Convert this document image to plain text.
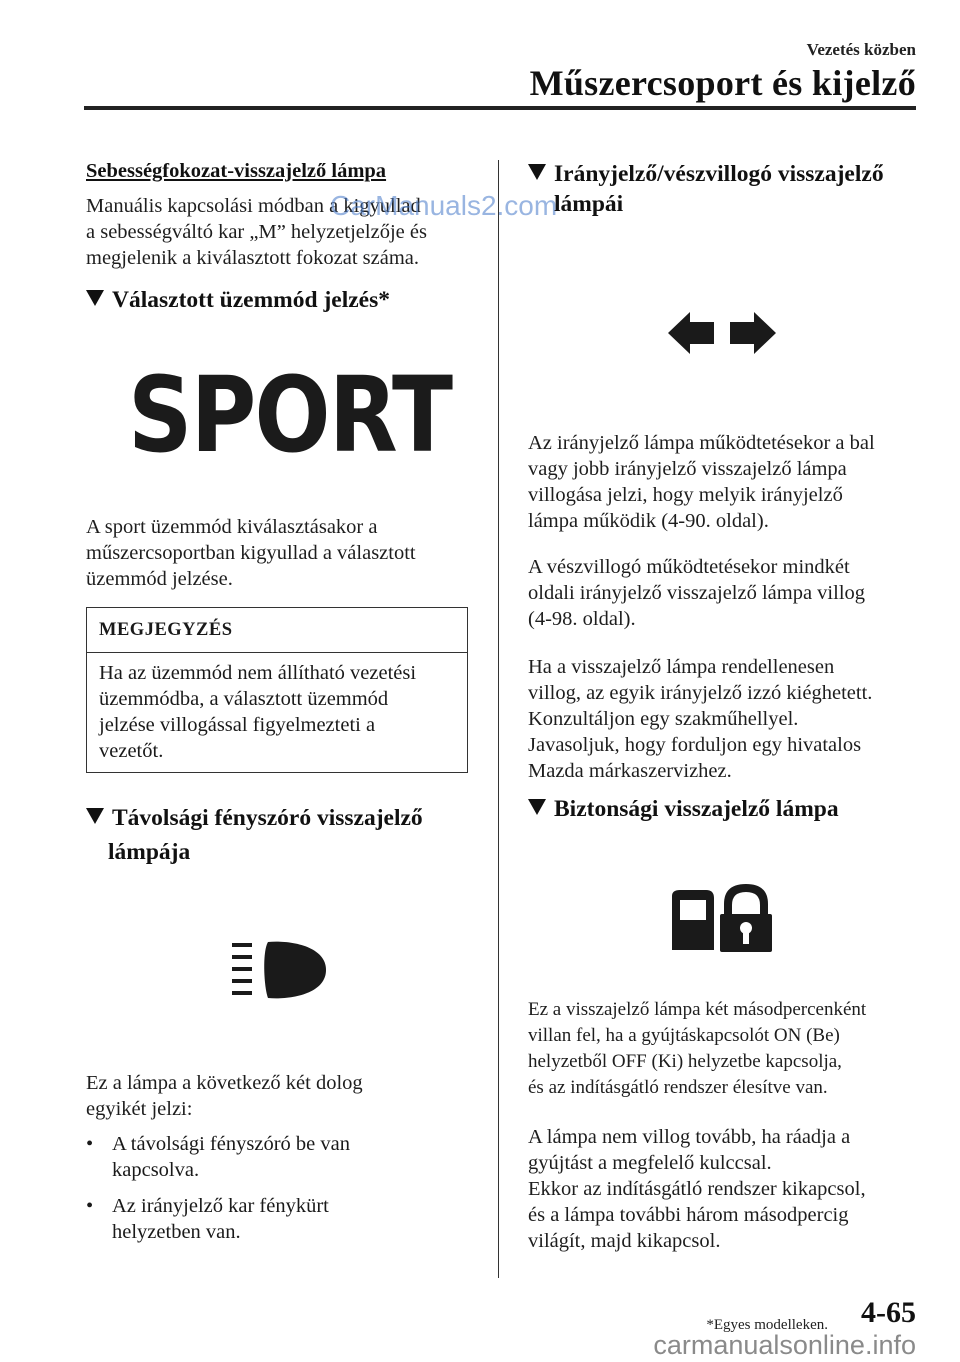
Vezetés közben
Műszercsoport és kijelző
Sebességfokozat-visszajelző lámpa
Manuális kapcsolási módban a kigyullad
a sebességváltó kar „M” helyzetjelzője és
megjelenik a kiválasztott fokozat száma.
CarManuals2.com
Választott üzemmód jelzés*
SPORT
A sport üzemmód kiválasztásakor a
műszercsoportban kigyullad a választott
üzemmód jelzése.
MEGJEGYZÉS
Ha az üzemmód nem állítható vezetési
üzemmódba, a választott üzemmód
jelzése villogással figyelmezteti a
vezetőt.
Távolsági fényszóró visszajelző
lámpája
Ez a lámpa a következő két dolog
egyikét jelzi:
• A távolsági fényszóró be van
kapcsolva.
• Az irányjelző kar fénykürt
helyzetben van.
Irányjelző/vészvillogó visszajelző
lámpái
Az irányjelző lámpa működtetésekor a bal
vagy jobb irányjelző visszajelző lámpa
villogása jelzi, hogy melyik irányjelző
lámpa működik (4-90. oldal).
A vészvillogó működtetésekor mindkét
oldali irányjelző visszajelző lámpa villog
(4-98. oldal).
Ha a visszajelző lámpa rendellenesen
villog, az egyik irányjelző izzó kiéghetett.
Konzultáljon egy szakműhellyel.
Javasoljuk, hogy forduljon egy hivatalos
Mazda márkaszervizhez.
Biztonsági visszajelző lámpa
Ez a visszajelző lámpa két másodpercenként
villan fel, ha a gyújtáskapcsolót ON (Be)
helyzetből OFF (Ki) helyzetbe kapcsolja,
és az indításgátló rendszer élesítve van.
A lámpa nem villog tovább, ha ráadja a
gyújtást a megfelelő kulccsal.
Ekkor az indításgátló rendszer kikapcsol,
és a lámpa további három másodpercig
világít, majd kikapcsol.
*Egyes modelleken. 4-65
carmanualsonline.info
